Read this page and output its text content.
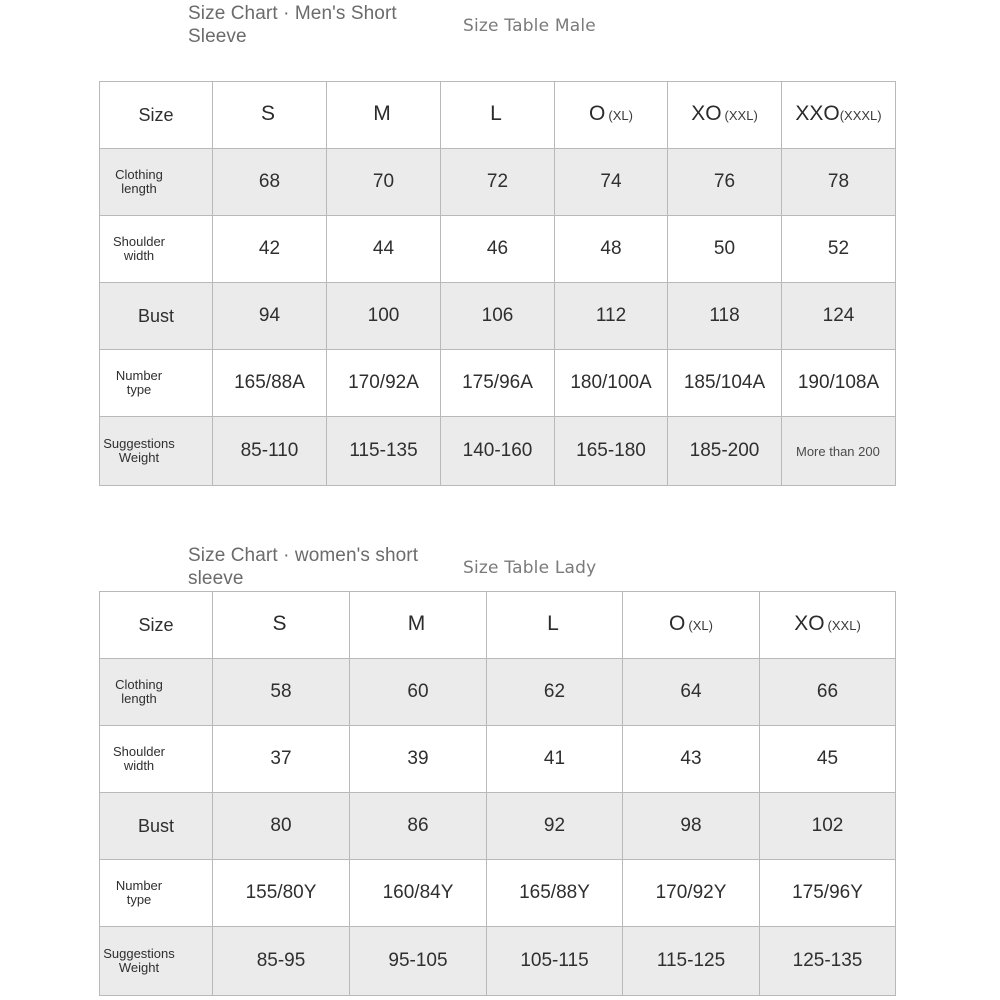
Size Chart · Men's Short Sleeve	Size Table Male
Size	S	M	L	O (XL)	XO (XXL)	XXO(XXXL)

Clothing length	68	70	72	74	76	78

Shoulder width	42	44	46	48	50	52
Bust	94	100	106	112	118	124

Number type	165/88A	170/92A	175/96A	180/100A	185/104A	190/108A

Suggestions Weight	85-110	115-135	140-160	165-180	185-200	More than 200
Size Chart · women's short sleeve	Size Table Lady
Size	S	M	L	O (XL)	XO (XXL)

Clothing length	58	60	62	64	66

Shoulder width	37	39	41	43	45
Bust	80	86	92	98	102

Number type	155/80Y	160/84Y	165/88Y	170/92Y	175/96Y

Suggestions Weight	85-95	95-105	105-115	115-125	125-135
